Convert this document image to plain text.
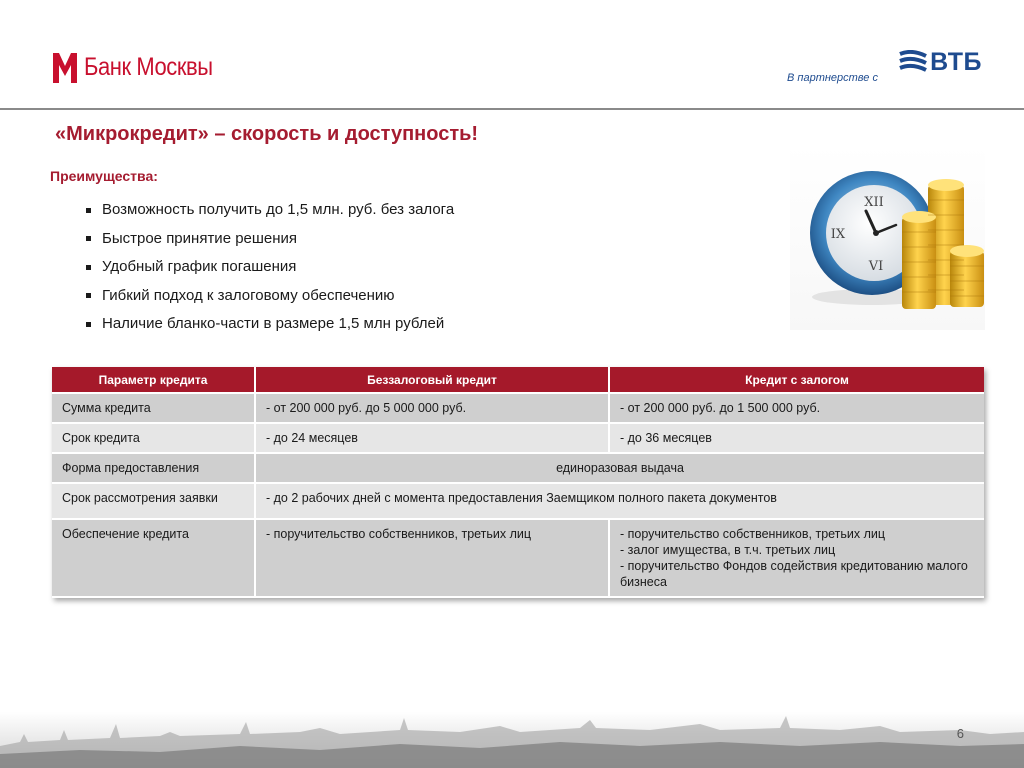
Банк Москвы	В партнерстве с
ВТБ
«Микрокредит» – скорость и доступность!
Преимущества:
Возможность получить до 1,5 млн. руб. без залога
Быстрое принятие решения
Удобный график погашения
Гибкий подход к залоговому обеспечению
Наличие бланко-части в размере 1,5 млн рублей
XII
IX
VI
Параметр кредита	Беззалоговый кредит	Кредит с залогом
Сумма кредита	- от 200 000 руб. до 5 000 000 руб.	- от 200 000 руб. до 1 500 000 руб.
Срок кредита	- до 24 месяцев	- до 36 месяцев
Форма предоставления	единоразовая выдача	
Срок рассмотрения заявки	- до 2 рабочих дней с момента предоставления Заемщиком полного пакета документов	
Обеспечение кредита	- поручительство собственников, третьих лиц	- поручительство собственников, третьих лиц
- залог имущества, в т.ч. третьих лиц
- поручительство Фондов содействия кредитованию малого бизнеса
6
